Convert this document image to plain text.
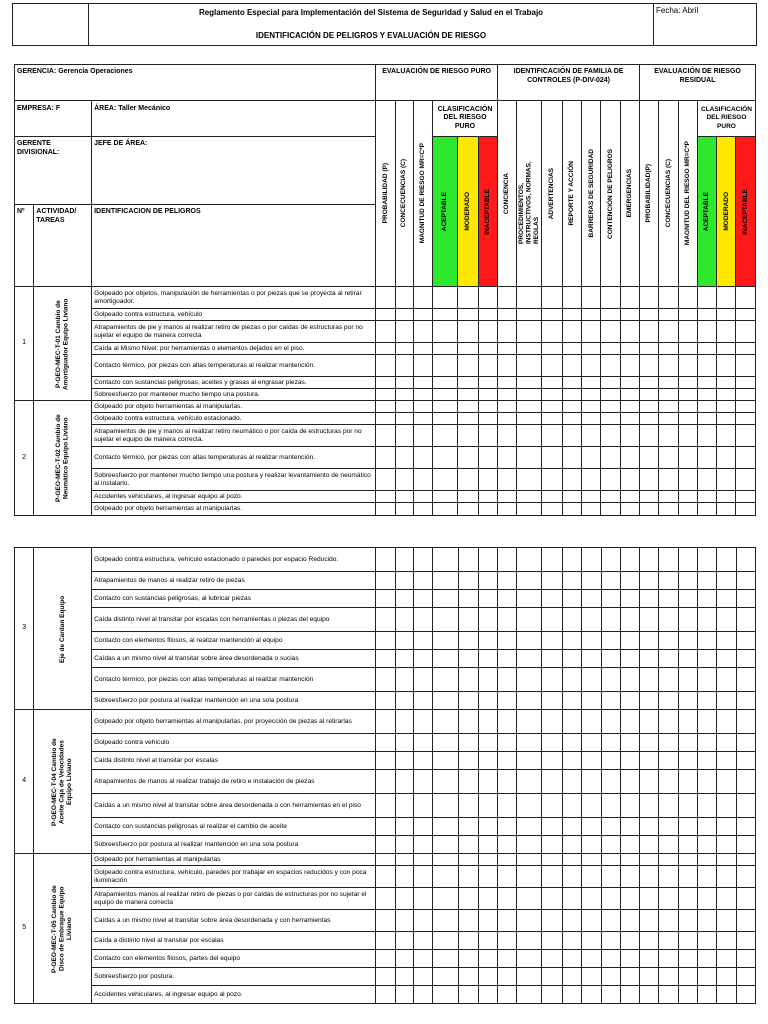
Reglamento Especial para Implementación del Sistema de Seguridad y Salud en el Trabajo
IDENTIFICACIÓN DE PELIGROS Y EVALUACIÓN DE RIESGO
	Fecha: Abril
GERENCIA: Gerencia Operaciones			EVALUACIÓN DE RIESGO PURO						IDENTIFICACIÓN DE FAMILIA DE CONTROLES (P-DIV-024)							EVALUACIÓN DE RIESGO RESIDUAL					
EMPRESA: F		ÁREA: Taller Mecánico	PROBABILIDAD (P)	CONCECUENCIAS (C)	MAGNITUD DE RIESGO MR=C*P	CLASIFICACIÓN DEL RIESGO PURO			CONCIENCIA	PROCEDIMIENTOS, INSTRUCTIVOS, NORMAS, REGLAS	ADVERTENCIAS	REPORTE Y ACCIÓN	BARRERAS DE SEGURIDAD	CONTENCIÓN DE PELIGROS	EMERGENCIAS	PROBABILIDAD(P)	CONCECUENCIAS (C)	MAGNITUD DEL RIESGO MR=C*P	CLASIFICACIÓN DEL RIESGO PURO		
GERENTE DIVISIONAL:		JEFE DE ÁREA:				ACEPTABLE	MODERADO	INACEPTABLE											ACEPTABLE	MODERADO	INACEPTABLE

Nº	ACTIVIDAD/ TAREAS	IDENTIFICACION DE PELIGROS																			

1	P-GEO-MEC-T-01 Cambio de Amortiguador Equipo Liviano	Golpeado por objetos, manipulación de herramientas o por piezas que se proyecta al retirar amortiguador.																			
		Golpeado contra estructura, vehículo																			
		Atrapamientos de pie y manos al realizar retiro de piezas o por caídas de estructuras por no sujetar el equipo de manera correcta																			
		Caída al Mismo Nivel: por herramientas o elementos dejados en el piso.																			
		Contacto térmico, por piezas con altas temperaturas al realizar mantención.																			
		Contacto con sustancias peligrosas, aceites y grasas al engrasar piezas.																			
		Sobreesfuerzo por mantener mucho tiempo una postura.																			
2	P-GEO-MEC-T-02 Cambio de Neumático Equipo Liviano	Golpeado por objeto herramientas al manipularlas.																			
		Golpeado contra estructura, vehículo estacionado.																			
		Atrapamientos de pie y manos al realizar retiro neumático o por caída de estructuras por no sujetar el equipo de manera correcta.																			
		Contacto térmico, por piezas con altas temperaturas al realizar mantención.																			
		Sobreesfuerzo por mantener mucho tiempo una postura y realizar levantamiento de neumático al instalarlo.																			
		Accidentes vehiculares, al ingresar equipo al pozo.																			
		Golpeado por objeto herramientas al manipularlas.																			
3	Eje de Cardan Equipo	Golpeado contra estructura, vehículo estacionado o paredes por espacio Reducido.																			
		Atrapamientos de manos al realizar retiro de piezas																			
		Contacto con sustancias peligrosas, al lubricar piezas																			
		Caída distinto nivel al transitar por escalas con herramientas o piezas del equipo																			
		Contacto con elementos filosos, al realizar mantención al equipo																			
		Caídas a un mismo nivel al transitar sobre área desordenada o sucias																			
		Contacto térmico, por piezas con altas temperaturas al realizar mantención																			
		Sobreesfuerzo por postura al realizar mantención en una sola postura																			
4	P-GEO-MEC-T-04 Cambio de Aceite Caja de Velocidades Equipo Liviano	Golpeado por objeto herramientas al manipularlas, por proyección de piezas al retirarlas																			
		Golpeado contra vehículo																			
		Caída distinto nivel al transitar por escalas																			
		Atrapamientos de manos al realizar trabajo de retiro e instalación de piezas																			
		Caídas a un mismo nivel al transitar sobre área desordenada o con herramientas en el piso																			
		Contacto con sustancias peligrosas al realizar el cambio de aceite																			
		Sobreesfuerzo por postura al realizar mantención en una sola postura																			
5	P-GEO-MEC-T-05 Cambio de Disco de Embrague Equipo Liviano	Golpeado por herramientas al manipularlas																			
		Golpeado contra estructura, vehículo, paredes por trabajar en espacios reducidos y con poca iluminación																			
		Atrapamientos manos al realizar retiro de piezas o por caídas de estructuras por no sujetar el equipo de manera correcta																			
		Caídas a un mismo nivel al transitar sobre área desordenada y con herramientas																			
		Caída a distinto nivel al transitar por escalas																			
		Contacto con elementos filosos, partes del equipo																			
		Sobreesfuerzo por postura.																			
		Accidentes vehiculares, al ingresar equipo al pozo.																			
